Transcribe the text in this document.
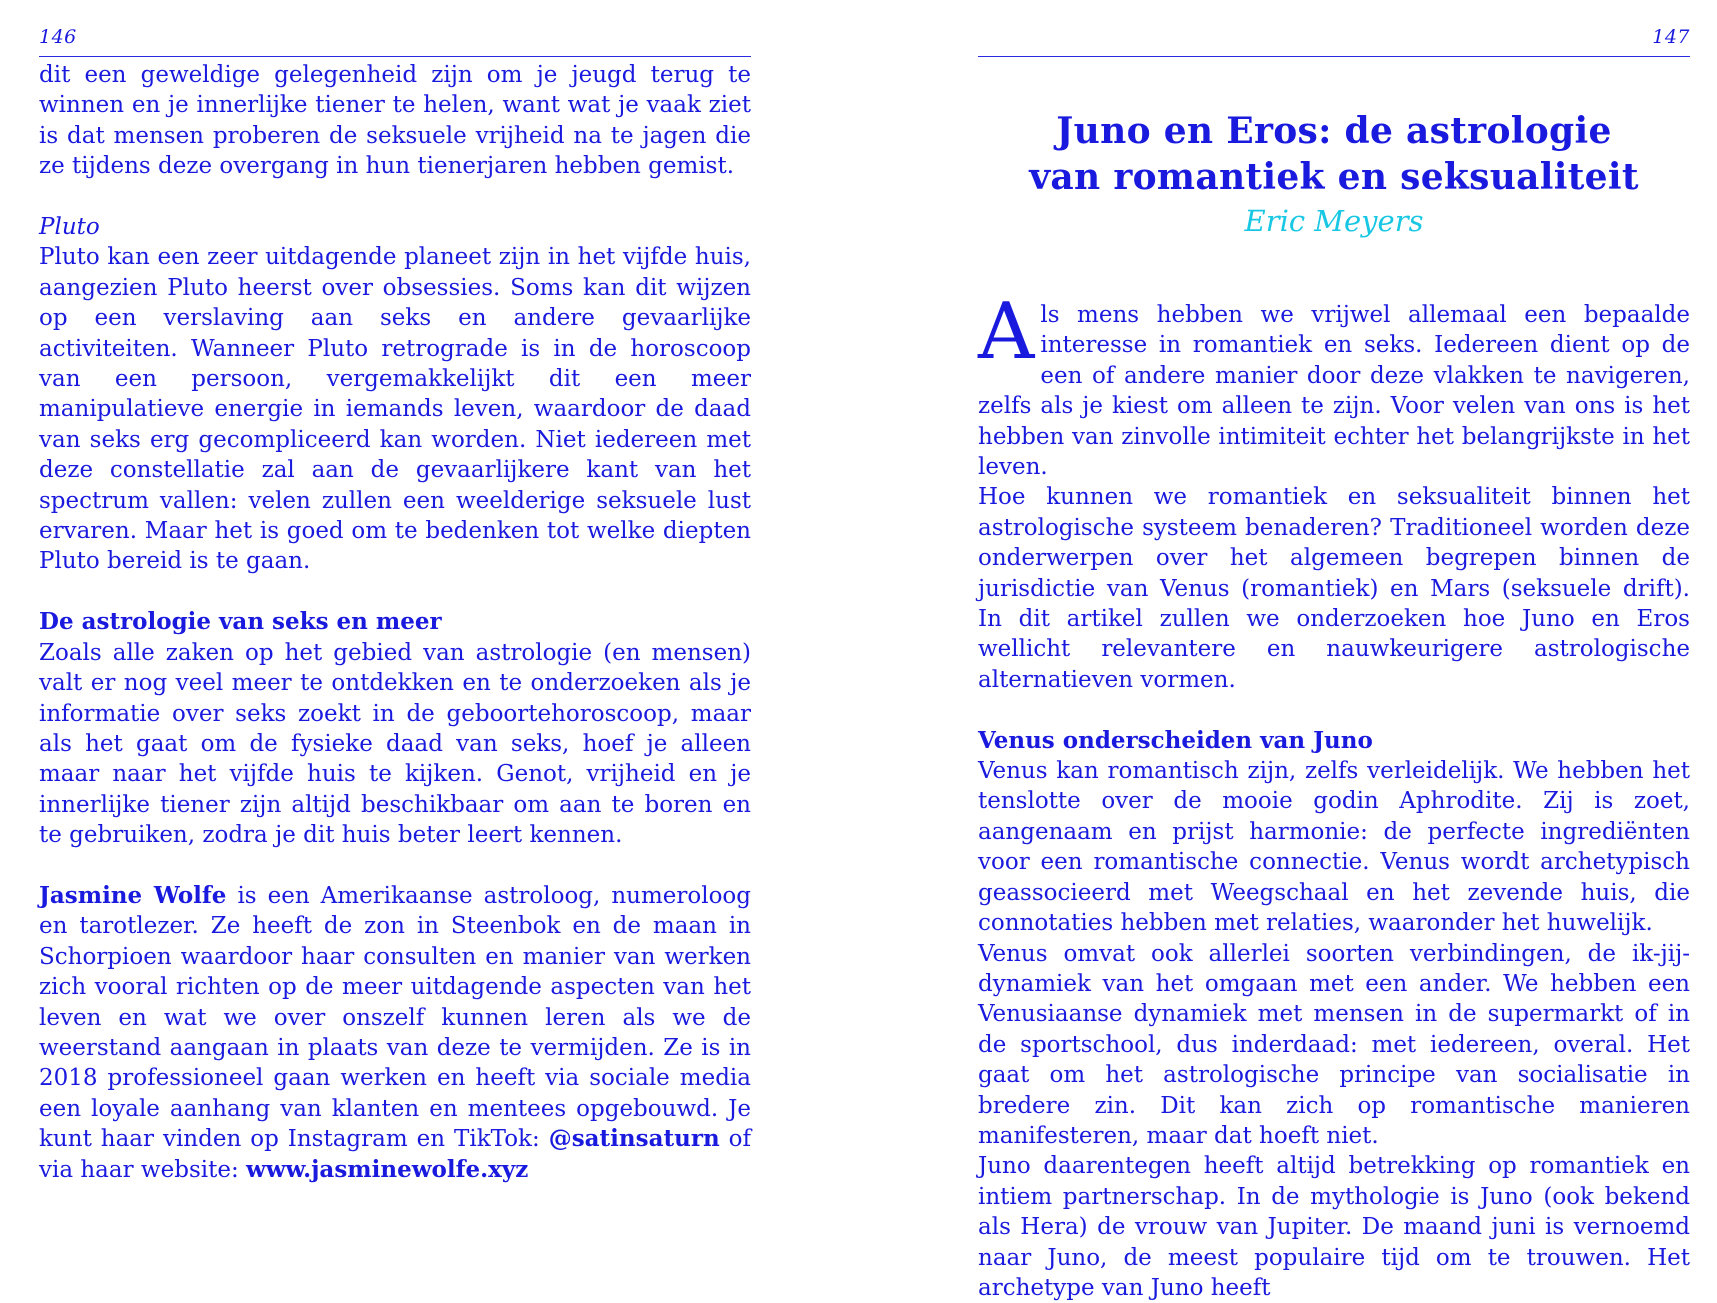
146

dit een geweldige gelegenheid zijn om je jeugd terug te winnen en je innerlijke tiener te helen, want wat je vaak ziet is dat mensen proberen de seksuele vrijheid na te jagen die ze tijdens deze overgang in hun tienerjaren hebben gemist.

Pluto

Pluto kan een zeer uitdagende planeet zijn in het vijfde huis, aangezien Pluto heerst over obsessies. Soms kan dit wijzen op een verslaving aan seks en andere gevaarlijke activiteiten. Wanneer Pluto retrograde is in de horoscoop van een persoon, vergemakkelijkt dit een meer manipulatieve energie in iemands leven, waardoor de daad van seks erg gecompliceerd kan worden. Niet iedereen met deze constellatie zal aan de gevaarlijkere kant van het spectrum vallen: velen zullen een weelderige seksuele lust ervaren. Maar het is goed om te bedenken tot welke diepten Pluto bereid is te gaan.

De astrologie van seks en meer

Zoals alle zaken op het gebied van astrologie (en mensen) valt er nog veel meer te ontdekken en te onderzoeken als je informatie over seks zoekt in de geboortehoroscoop, maar als het gaat om de fysieke daad van seks, hoef je alleen maar naar het vijfde huis te kijken. Genot, vrijheid en je innerlijke tiener zijn altijd beschikbaar om aan te boren en te gebruiken, zodra je dit huis beter leert kennen.

Jasmine Wolfe is een Amerikaanse astroloog, numeroloog en tarotlezer. Ze heeft de zon in Steenbok en de maan in Schorpioen waardoor haar consulten en manier van werken zich vooral richten op de meer uitdagende aspecten van het leven en wat we over onszelf kunnen leren als we de weerstand aangaan in plaats van deze te vermijden. Ze is in 2018 professioneel gaan werken en heeft via sociale media een loyale aanhang van klanten en mentees opgebouwd. Je kunt haar vinden op Instagram en TikTok: @satinsaturn of via haar website: www.jasminewolfe.xyz

147
Juno en Eros: de astrologie
van romantiek en seksualiteit
Eric Meyers

Als mens hebben we vrijwel allemaal een bepaalde interesse in romantiek en seks. Iedereen dient op de een of andere manier door deze vlakken te navigeren, zelfs als je kiest om alleen te zijn. Voor velen van ons is het hebben van zinvolle intimiteit echter het belangrijkste in het leven.

Hoe kunnen we romantiek en seksualiteit binnen het astrologische systeem benaderen? Traditioneel worden deze onderwerpen over het algemeen begrepen binnen de jurisdictie van Venus (romantiek) en Mars (seksuele drift). In dit artikel zullen we onderzoeken hoe Juno en Eros wellicht relevantere en nauwkeurigere astrologische alternatieven vormen.

Venus onderscheiden van Juno

Venus kan romantisch zijn, zelfs verleidelijk. We hebben het tenslotte over de mooie godin Aphrodite. Zij is zoet, aangenaam en prijst harmonie: de perfecte ingrediënten voor een romantische connectie. Venus wordt archetypisch geassocieerd met Weegschaal en het zevende huis, die connotaties hebben met relaties, waaronder het huwelijk.

Venus omvat ook allerlei soorten verbindingen, de ik-jij-dynamiek van het omgaan met een ander. We hebben een Venusiaanse dynamiek met mensen in de supermarkt of in de sportschool, dus inderdaad: met iedereen, overal. Het gaat om het astrologische principe van socialisatie in bredere zin. Dit kan zich op romantische manieren manifesteren, maar dat hoeft niet.

Juno daarentegen heeft altijd betrekking op romantiek en intiem partnerschap. In de mythologie is Juno (ook bekend als Hera) de vrouw van Jupiter. De maand juni is vernoemd naar Juno, de meest populaire tijd om te trouwen. Het archetype van Juno heeft
